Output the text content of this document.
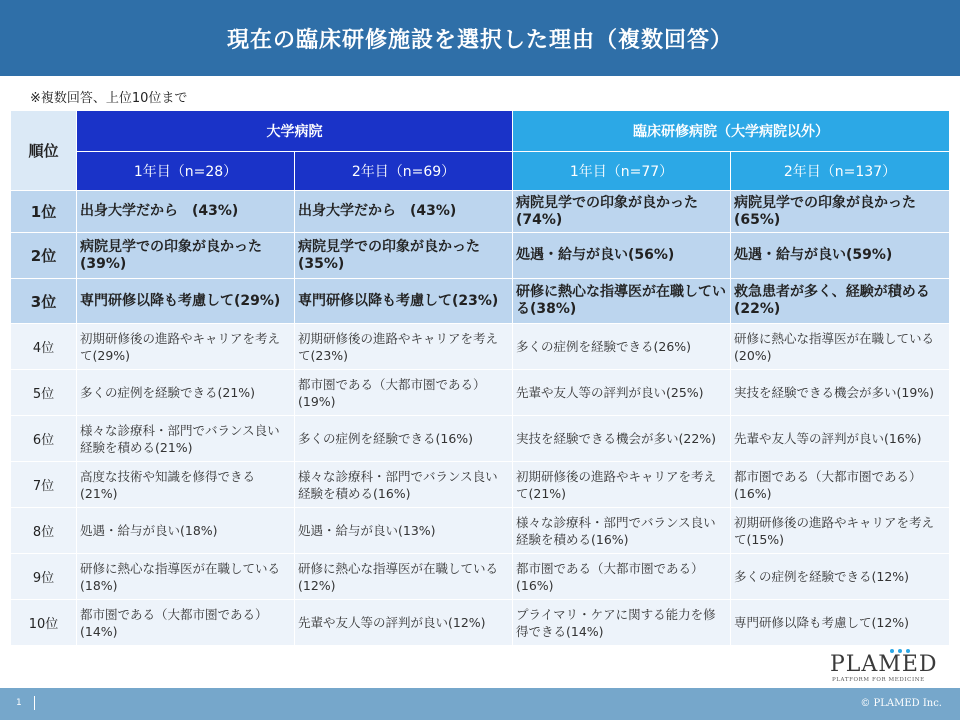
現在の臨床研修施設を選択した理由（複数回答）
※複数回答、上位10位まで
順位	大学病院		臨床研修病院（大学病院以外）	
	1年目（n=28）	2年目（n=69）	1年目（n=77）	2年目（n=137）
1位	出身大学だから　(43%)	出身大学だから　(43%)	病院見学での印象が良かった(74%)	病院見学での印象が良かった(65%)
2位	病院見学での印象が良かった(39%)	病院見学での印象が良かった(35%)	処遇・給与が良い(56%)	処遇・給与が良い(59%)
3位	専門研修以降も考慮して(29%)	専門研修以降も考慮して(23%)	研修に熱心な指導医が在職している(38%)	救急患者が多く、経験が積める(22%)
4位	初期研修後の進路やキャリアを考えて(29%)	初期研修後の進路やキャリアを考えて(23%)	多くの症例を経験できる(26%)	研修に熱心な指導医が在職している(20%)
5位	多くの症例を経験できる(21%)	都市圏である（大都市圏である）(19%)	先輩や友人等の評判が良い(25%)	実技を経験できる機会が多い(19%)
6位	様々な診療科・部門でバランス良い経験を積める(21%)	多くの症例を経験できる(16%)	実技を経験できる機会が多い(22%)	先輩や友人等の評判が良い(16%)
7位	高度な技術や知識を修得できる(21%)	様々な診療科・部門でバランス良い経験を積める(16%)	初期研修後の進路やキャリアを考えて(21%)	都市圏である（大都市圏である）(16%)
8位	処遇・給与が良い(18%)	処遇・給与が良い(13%)	様々な診療科・部門でバランス良い経験を積める(16%)	初期研修後の進路やキャリアを考えて(15%)
9位	研修に熱心な指導医が在職している(18%)	研修に熱心な指導医が在職している(12%)	都市圏である（大都市圏である）(16%)	多くの症例を経験できる(12%)
10位	都市圏である（大都市圏である）(14%)	先輩や友人等の評判が良い(12%)	プライマリ・ケアに関する能力を修得できる(14%)	専門研修以降も考慮して(12%)
PLAMED
PLATFORM FOR MEDICINE
1	© PLAMED Inc.
